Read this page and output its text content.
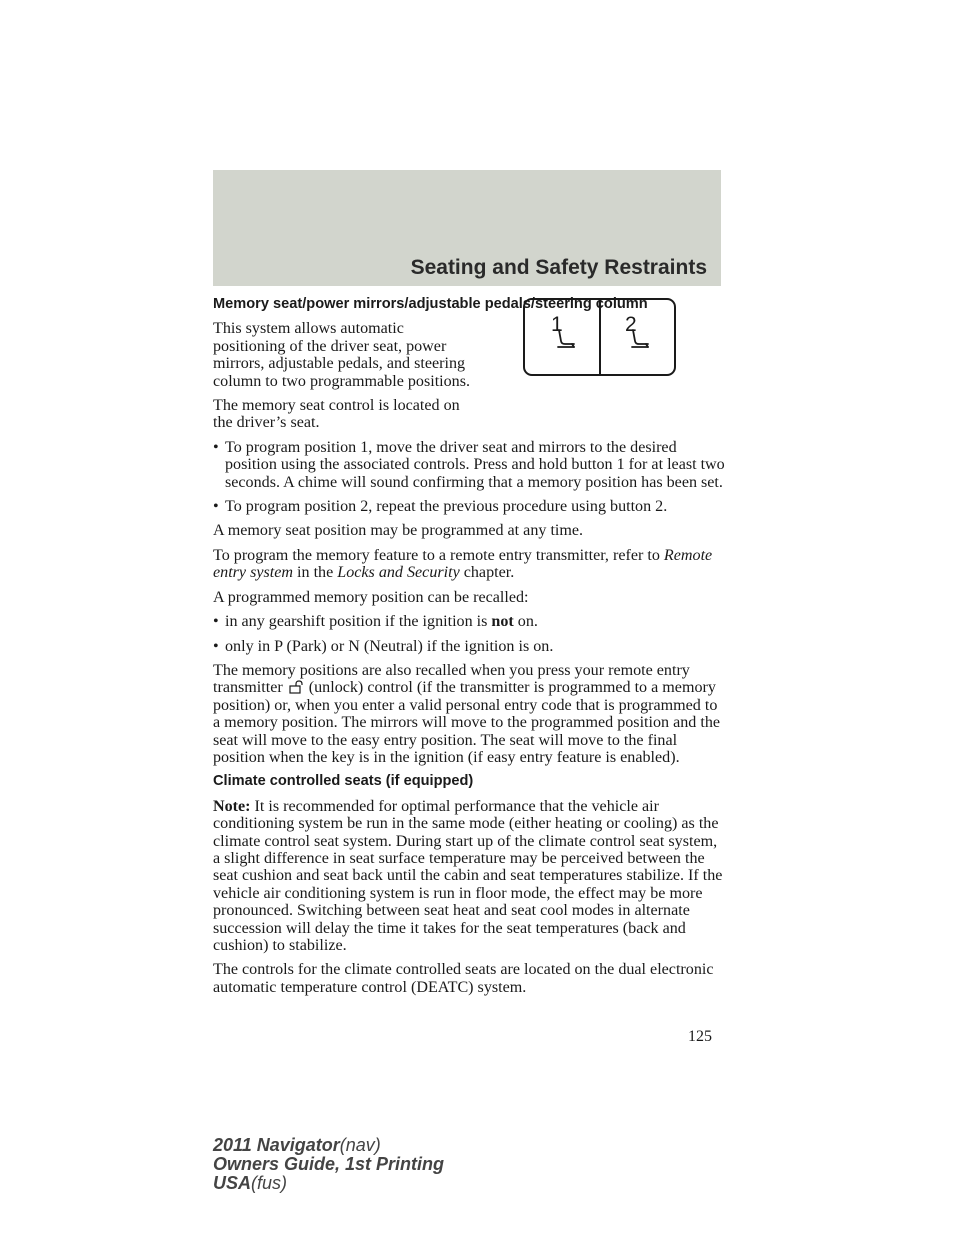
Seating and Safety Restraints
1	2
Memory seat/power mirrors/adjustable pedals/steering column

This system allows automatic positioning of the driver seat, power mirrors, adjustable pedals, and steering column to two programmable positions.

The memory seat control is located on the driver’s seat.

• To program position 1, move the driver seat and mirrors to the desired position using the associated controls. Press and hold button 1 for at least two seconds. A chime will sound confirming that a memory position has been set.
• To program position 2, repeat the previous procedure using button 2.

A memory seat position may be programmed at any time.

To program the memory feature to a remote entry transmitter, refer to Remote entry system in the Locks and Security chapter.

A programmed memory position can be recalled:

• in any gearshift position if the ignition is not on.
• only in P (Park) or N (Neutral) if the ignition is on.

The memory positions are also recalled when you press your remote entry transmitter  (unlock) control (if the transmitter is programmed to a memory position) or, when you enter a valid personal entry code that is programmed to a memory position. The mirrors will move to the programmed position and the seat will move to the easy entry position. The seat will move to the final position when the key is in the ignition (if easy entry feature is enabled).

Climate controlled seats (if equipped)

Note: It is recommended for optimal performance that the vehicle air conditioning system be run in the same mode (either heating or cooling) as the climate control seat system. During start up of the climate control seat system, a slight difference in seat surface temperature may be perceived between the seat cushion and seat back until the cabin and seat temperatures stabilize. If the vehicle air conditioning system is run in floor mode, the effect may be more pronounced. Switching between seat heat and seat cool modes in alternate succession will delay the time it takes for the seat temperatures (back and cushion) to stabilize.

The controls for the climate controlled seats are located on the dual electronic automatic temperature control (DEATC) system.

125
2011 Navigator(nav)
Owners Guide, 1st Printing
USA(fus)
